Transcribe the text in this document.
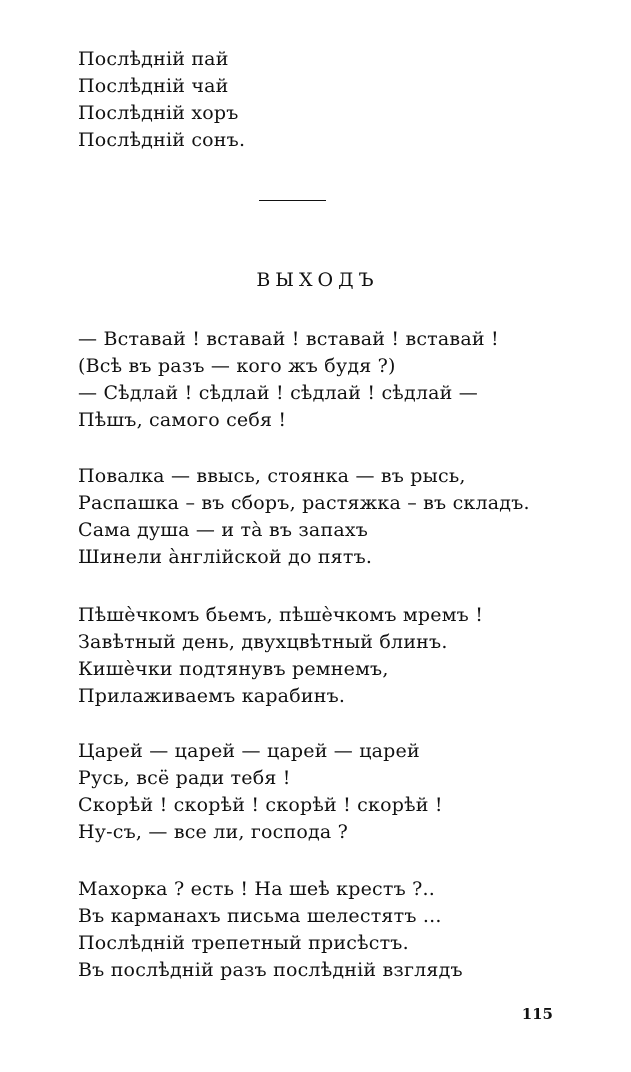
Послѣдній пай
Послѣдній чай
Послѣдній хоръ
Послѣдній сонъ.
ВЫХОДЪ
— Вставай ! вставай ! вставай ! вставай !
(Всѣ въ разъ — кого жъ будя ?)
— Сѣдлай ! сѣдлай ! сѣдлай ! сѣдлай —
Пѣшъ, самого себя !
Повалка — ввысь, стоянка — въ рысь,
Распашка – въ сборъ, растяжка – въ складъ.
Сама душа — и тà въ запахъ
Шинели àнглійской до пятъ.
Пѣшѐчкомъ бьемъ, пѣшѐчкомъ мремъ !
Завѣтный день, двухцвѣтный блинъ.
Кишѐчки подтянувъ ремнемъ,
Прилаживаемъ карабинъ.
Царей — царей — царей — царей
Русь, всё ради тебя !
Скорѣй ! скорѣй ! скорѣй ! скорѣй !
Ну-съ, — все ли, господа ?
Махорка ? есть ! На шеѣ крестъ ?..
Въ карманахъ письма шелестятъ ...
Послѣдній трепетный присѣстъ.
Въ послѣдній разъ послѣдній взглядъ
115
